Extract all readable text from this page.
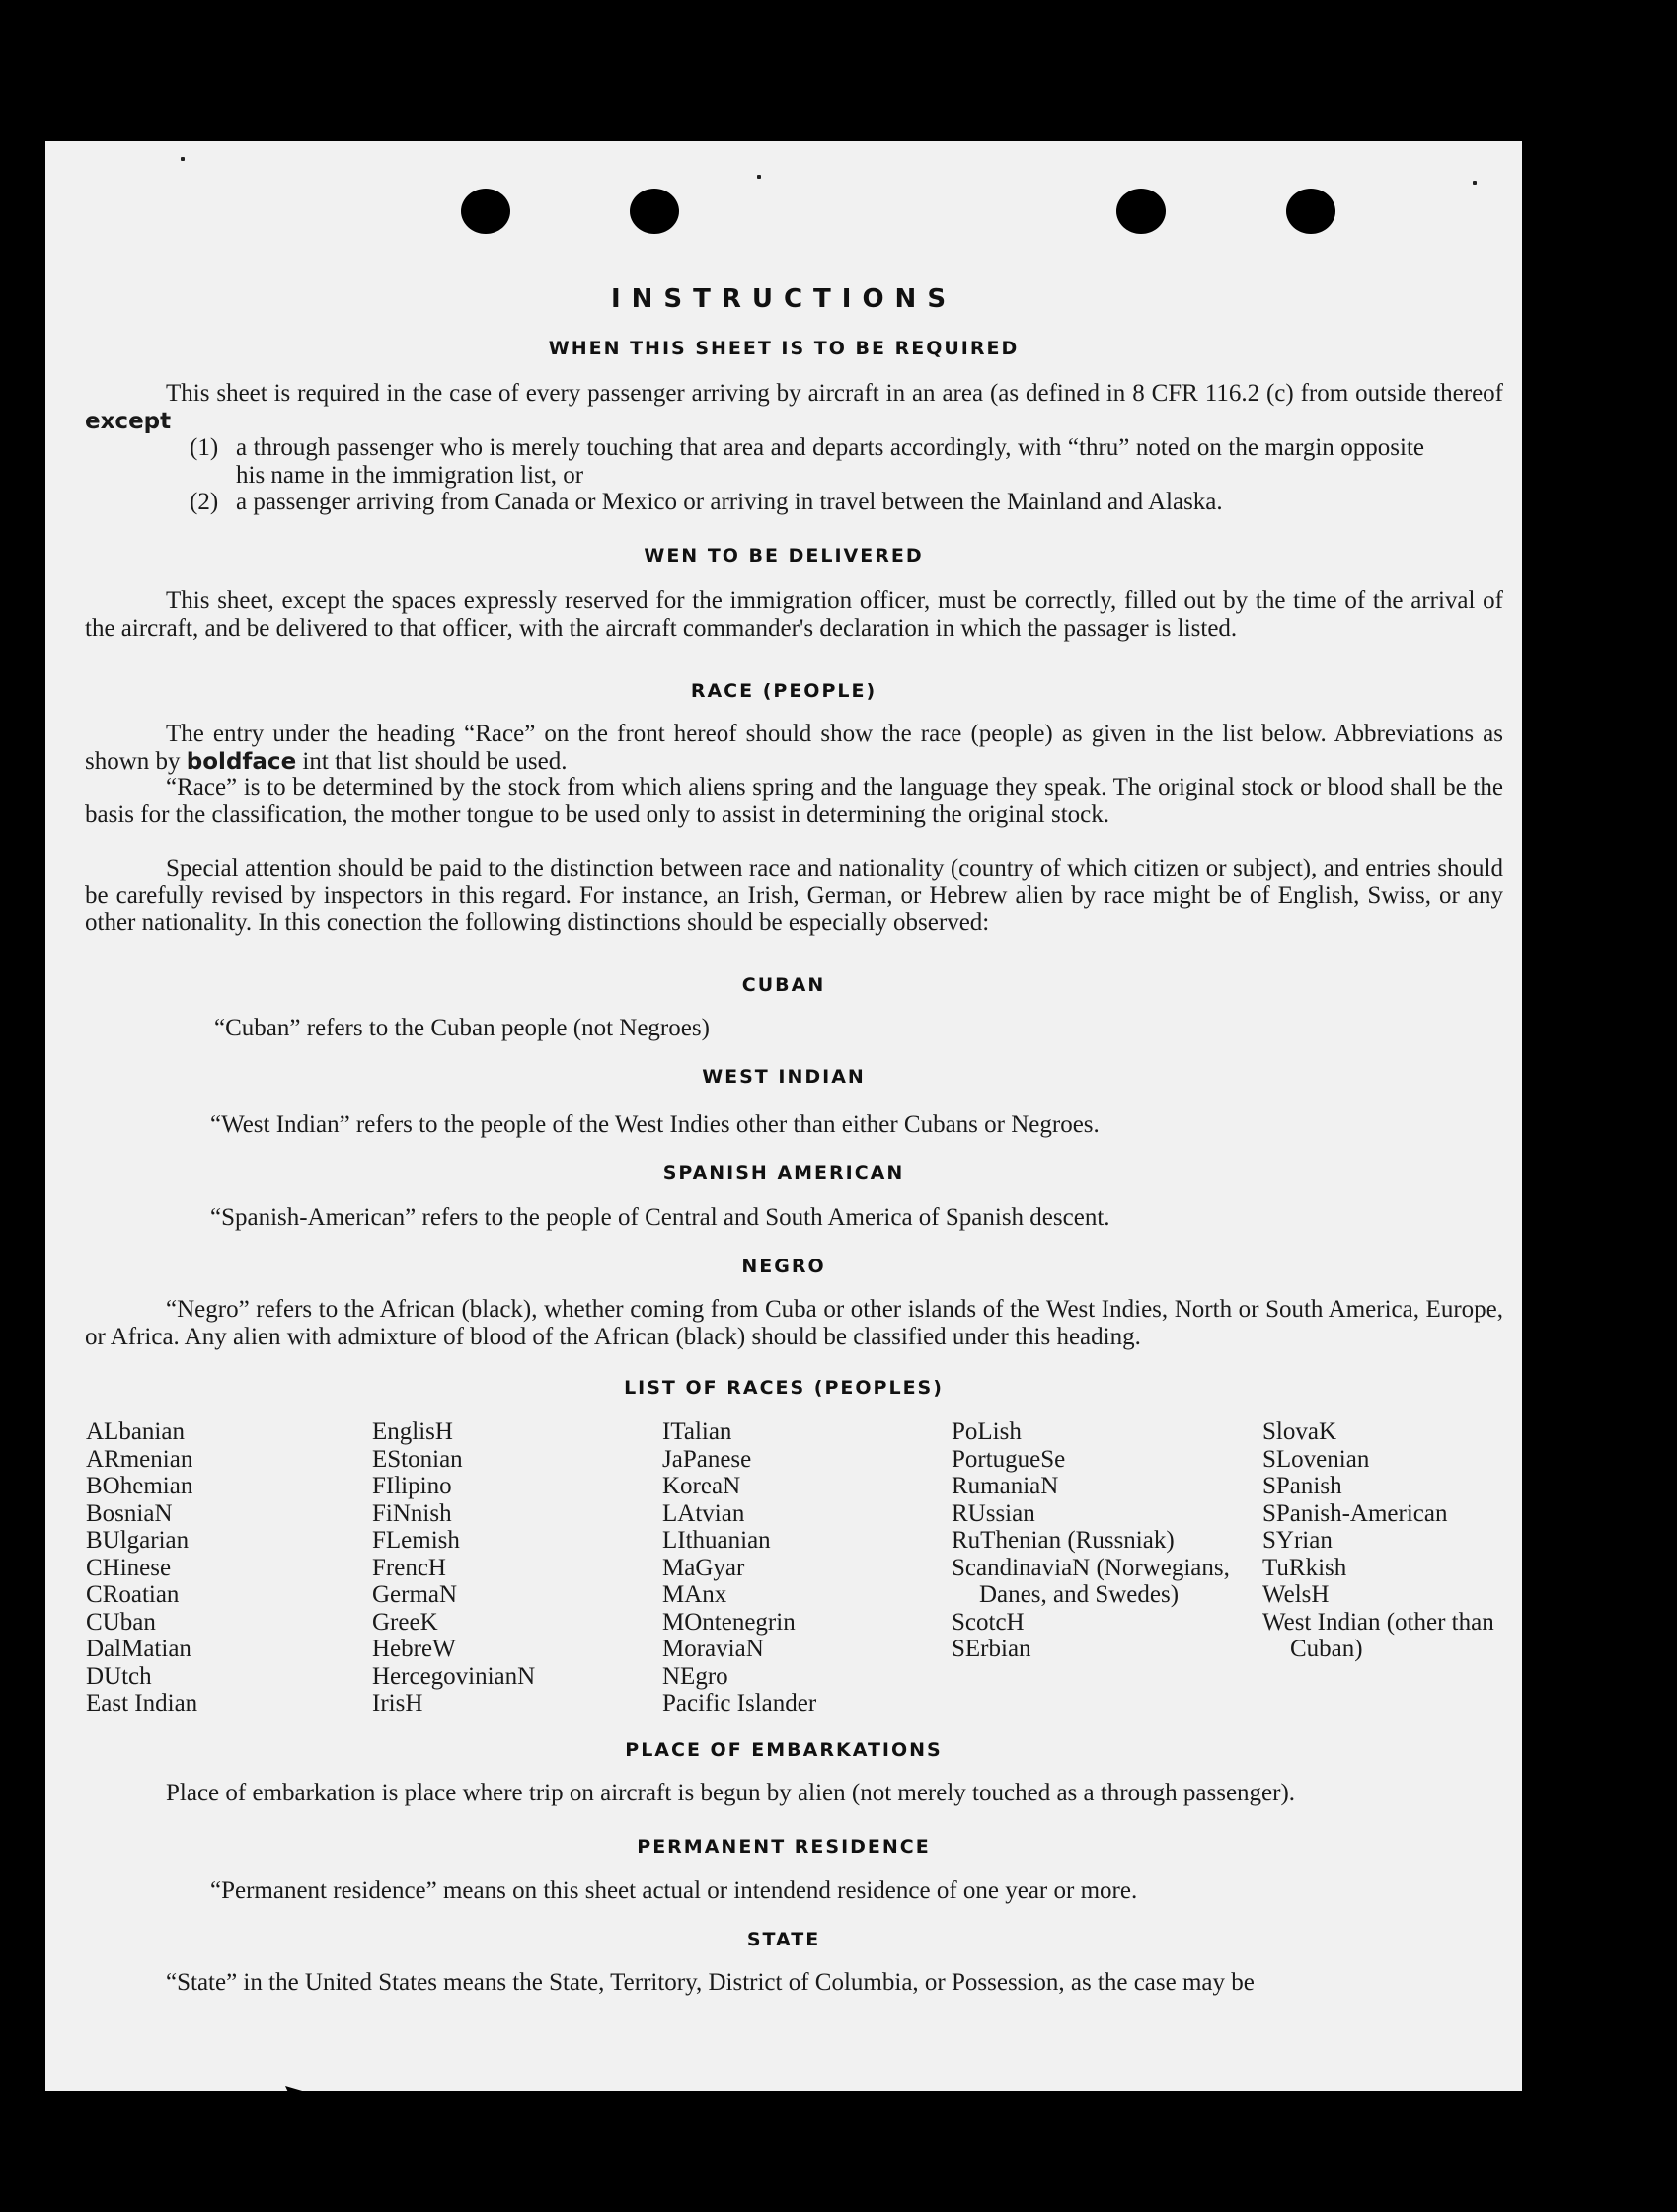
INSTRUCTIONS
WHEN THIS SHEET IS TO BE REQUIRED
This sheet is required in the case of every passenger arriving by aircraft in an area (as defined in 8 CFR 116.2 (c) from outside thereof except
(1) a through passenger who is merely touching that area and departs accordingly, with “thru” noted on the margin opposite his name in the immigration list, or
(2) a passenger arriving from Canada or Mexico or arriving in travel between the Mainland and Alaska.
WEN TO BE DELIVERED
This sheet, except the spaces expressly reserved for the immigration officer, must be correctly, filled out by the time of the arrival of the aircraft, and be delivered to that officer, with the aircraft commander's declaration in which the passager is listed.
RACE (PEOPLE)
The entry under the heading “Race” on the front hereof should show the race (people) as given in the list below. Abbreviations as shown by boldface int that list should be used.
“Race” is to be determined by the stock from which aliens spring and the language they speak. The original stock or blood shall be the basis for the classification, the mother tongue to be used only to assist in determining the original stock.
Special attention should be paid to the distinction between race and nationality (country of which citizen or subject), and entries should be carefully revised by inspectors in this regard. For instance, an Irish, German, or Hebrew alien by race might be of English, Swiss, or any other nationality. In this conection the following distinctions should be especially observed:
CUBAN
“Cuban” refers to the Cuban people (not Negroes)
WEST INDIAN
“West Indian” refers to the people of the West Indies other than either Cubans or Negroes.
SPANISH AMERICAN
“Spanish-American” refers to the people of Central and South America of Spanish descent.
NEGRO
“Negro” refers to the African (black), whether coming from Cuba or other islands of the West Indies, North or South America, Europe, or Africa. Any alien with admixture of blood of the African (black) should be classified under this heading.
LIST OF RACES (PEOPLES)
ALbanian
ARmenian
BOhemian
BosniaN
BUlgarian
CHinese
CRoatian
CUban
DalMatian
DUtch
East Indian
EnglisH
EStonian
FIlipino
FiNnish
FLemish
FrencH
GermaN
GreeK
HebreW
HercegovinianN
IrisH
ITalian
JaPanese
KoreaN
LAtvian
LIthuanian
MaGyar
MAnx
MOntenegrin
MoraviaN
NEgro
Pacific Islander
PoLish
PortugueSe
RumaniaN
RUssian
RuThenian (Russniak)
ScandinaviaN (Norwegians, Danes, and Swedes)
ScotcH
SErbian
SlovaK
SLovenian
SPanish
SPanish-American
SYrian
TuRkish
WelsH
West Indian (other than Cuban)
PLACE OF EMBARKATIONS
Place of embarkation is place where trip on aircraft is begun by alien (not merely touched as a through passenger).
PERMANENT RESIDENCE
“Permanent residence” means on this sheet actual or intendend residence of one year or more.
STATE
“State” in the United States means the State, Territory, District of Columbia, or Possession, as the case may be
